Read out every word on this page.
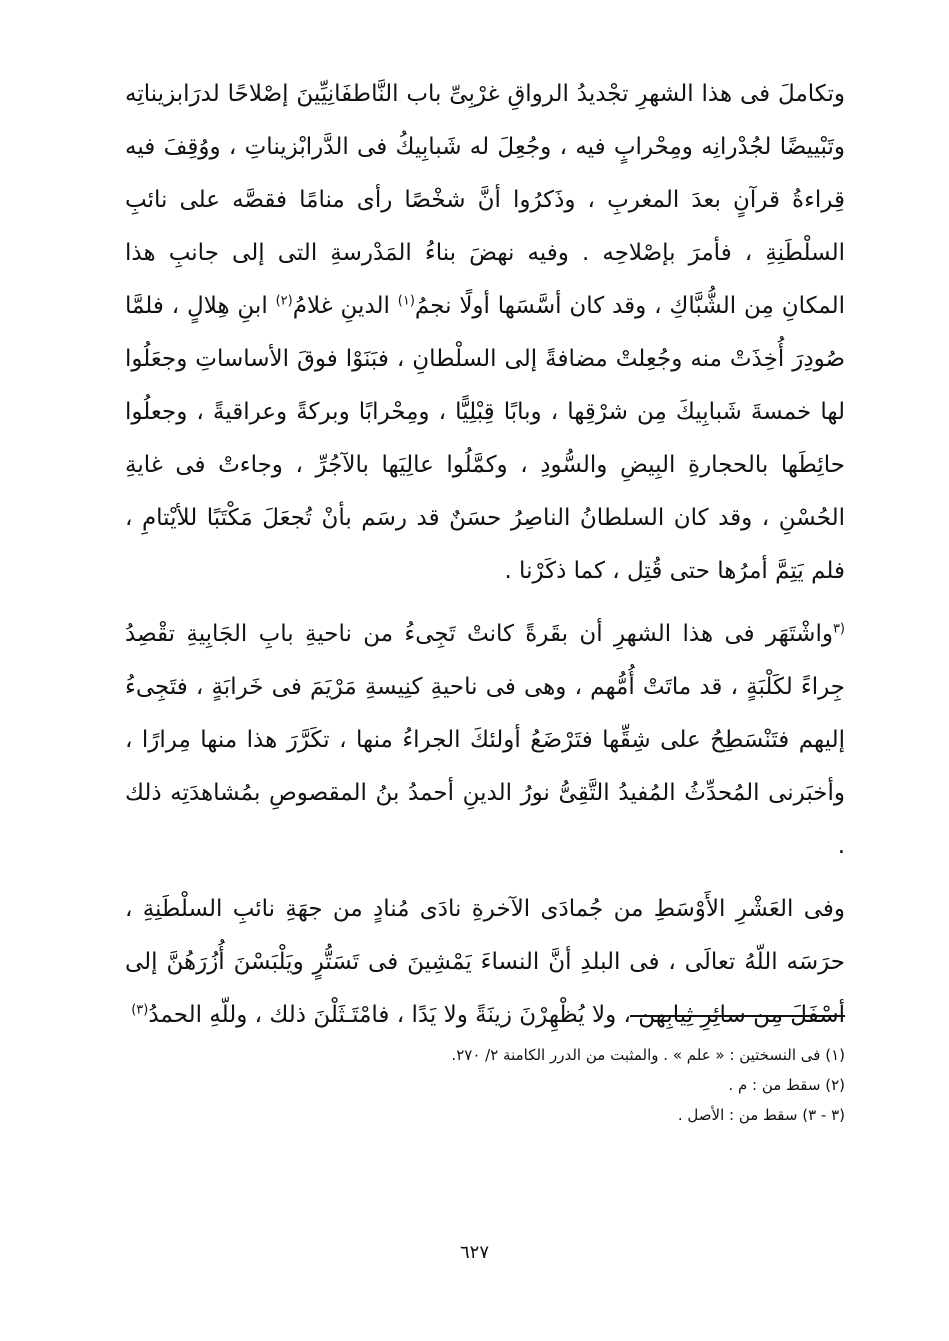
وتكاملَ فى هذا الشهرِ تجْديدُ الرواقِ غرْبِىِّ باب النَّاطفَانِيِّينَ إصْلاحًا لدرَابزيناتِه وتَبْييضًا لجُدْرانِه ومِحْرابٍ فيه ، وجُعِلَ له شَبابِيكُ فى الدَّرابْزيناتِ ، ووُقِفَ فيه قِراءةُ قرآنٍ بعدَ المغربِ ، وذَكرُوا أنَّ شخْصًا رأى منامًا فقصَّه على نائبِ السلْطَنِةِ ، فأمرَ بإصْلاحِه . وفيه نهضَ بناءُ المَدْرسةِ التى إلى جانبِ هذا المكانِ مِن الشُّبَّاكِ ، وقد كان أسَّسَها أولًا نجمُ$^{(١)}$ الدينِ غلامُ$^{(٢)}$ ابنِ هِلالٍ ، فلمَّا صُودِرَ أُخِذَتْ منه وجُعِلتْ مضافةً إلى السلْطانِ ، فبَنَوْا فوقَ الأساساتِ وجعَلُوا لها خمسةَ شَبابِيكَ مِن شرْقِها ، وبابًا قِبْلِيًّا ، ومِحْرابًا وبركةً وعراقيةً ، وجعلُوا حائِطَها بالحجارةِ البِيضِ والسُّودِ ، وكمَّلُوا عالِيَها بالآجُرِّ ، وجاءتْ فى غايةِ الحُسْنِ ، وقد كان السلطانُ الناصِرُ حسَنٌ قد رسَم بأنْ تُجعَلَ مَكْتَبًا للأيْتامِ ، فلم يَتِمَّ أمرُها حتى قُتِل ، كما ذكَرْنا .

$^{(٣}$واشْتَهَر فى هذا الشهرِ أن بقَرةً كانتْ تَجِىءُ من ناحيةِ بابِ الجَابِيةِ تقْصِدُ جِراءً لكَلْبَةٍ ، قد ماتَتْ أُمُّهم ، وهى فى ناحيةِ كنِيسةِ مَرْيَمَ فى خَرابَةٍ ، فتَجِىءُ إليهم فتَنْسَطِحُ على شِقِّها فتَرْضَعُ أولئكَ الجراءُ منها ، تكَرَّرَ هذا منها مِرارًا ، وأخبَرنى المُحدِّثُ المُفيدُ التَّقِىُّ نورُ الدينِ أحمدُ بنُ المقصوصِ بمُشاهدَتِه ذلك .

وفى العَشْرِ الأَوْسَطِ من جُمادَى الآخرةِ نادَى مُنادٍ من جهَةِ نائبِ السلْطَنِةِ ، حرَسَه اللّهُ تعالَى ، فى البلدِ أنَّ النساءَ يَمْشِينَ فى تَسَتُّرٍ ويَلْبَسْنَ أُزُرَهُنَّ إلى أسْفَلَ مِن سائِرِ ثِيابِهن ، ولا يُظْهِرْنَ زينَةً ولا يَدًا ، فامْتَـثَلْنَ ذلك ، وللّهِ الحمدُ$^{(٣)}$

(١) فى النسختين : « علم » . والمثبت من الدرر الكامنة ٢/ ٢٧٠.

(٢) سقط من : م .

(٣ - ٣) سقط من : الأصل .

٦٢٧
